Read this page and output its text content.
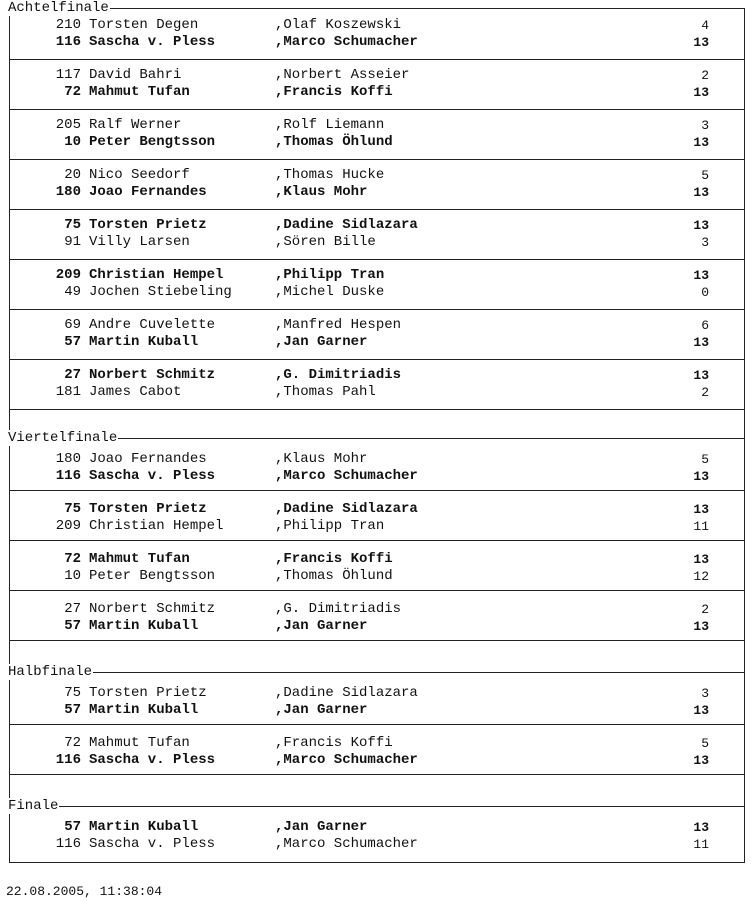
Achtelfinale
210 Torsten Degen	,Olaf Koszewski	4
116 Sascha v. Pless	,Marco Schumacher	13
117 David Bahri	,Norbert Asseier	2
72 Mahmut Tufan	,Francis Koffi	13
205 Ralf Werner	,Rolf Liemann	3
10 Peter Bengtsson	,Thomas Öhlund	13
20 Nico Seedorf	,Thomas Hucke	5
180 Joao Fernandes	,Klaus Mohr	13
75 Torsten Prietz	,Dadine Sidlazara	13
91 Villy Larsen	,Sören Bille	3
209 Christian Hempel	,Philipp Tran	13
49 Jochen Stiebeling	,Michel Duske	0
69 Andre Cuvelette	,Manfred Hespen	6
57 Martin Kuball	,Jan Garner	13
27 Norbert Schmitz	,G. Dimitriadis	13
181 James Cabot	,Thomas Pahl	2
Viertelfinale
180 Joao Fernandes	,Klaus Mohr	5
116 Sascha v. Pless	,Marco Schumacher	13
75 Torsten Prietz	,Dadine Sidlazara	13
209 Christian Hempel	,Philipp Tran	11
72 Mahmut Tufan	,Francis Koffi	13
10 Peter Bengtsson	,Thomas Öhlund	12
27 Norbert Schmitz	,G. Dimitriadis	2
57 Martin Kuball	,Jan Garner	13
Halbfinale
75 Torsten Prietz	,Dadine Sidlazara	3
57 Martin Kuball	,Jan Garner	13
72 Mahmut Tufan	,Francis Koffi	5
116 Sascha v. Pless	,Marco Schumacher	13
Finale
57 Martin Kuball	,Jan Garner	13
116 Sascha v. Pless	,Marco Schumacher	11
22.08.2005, 11:38:04
